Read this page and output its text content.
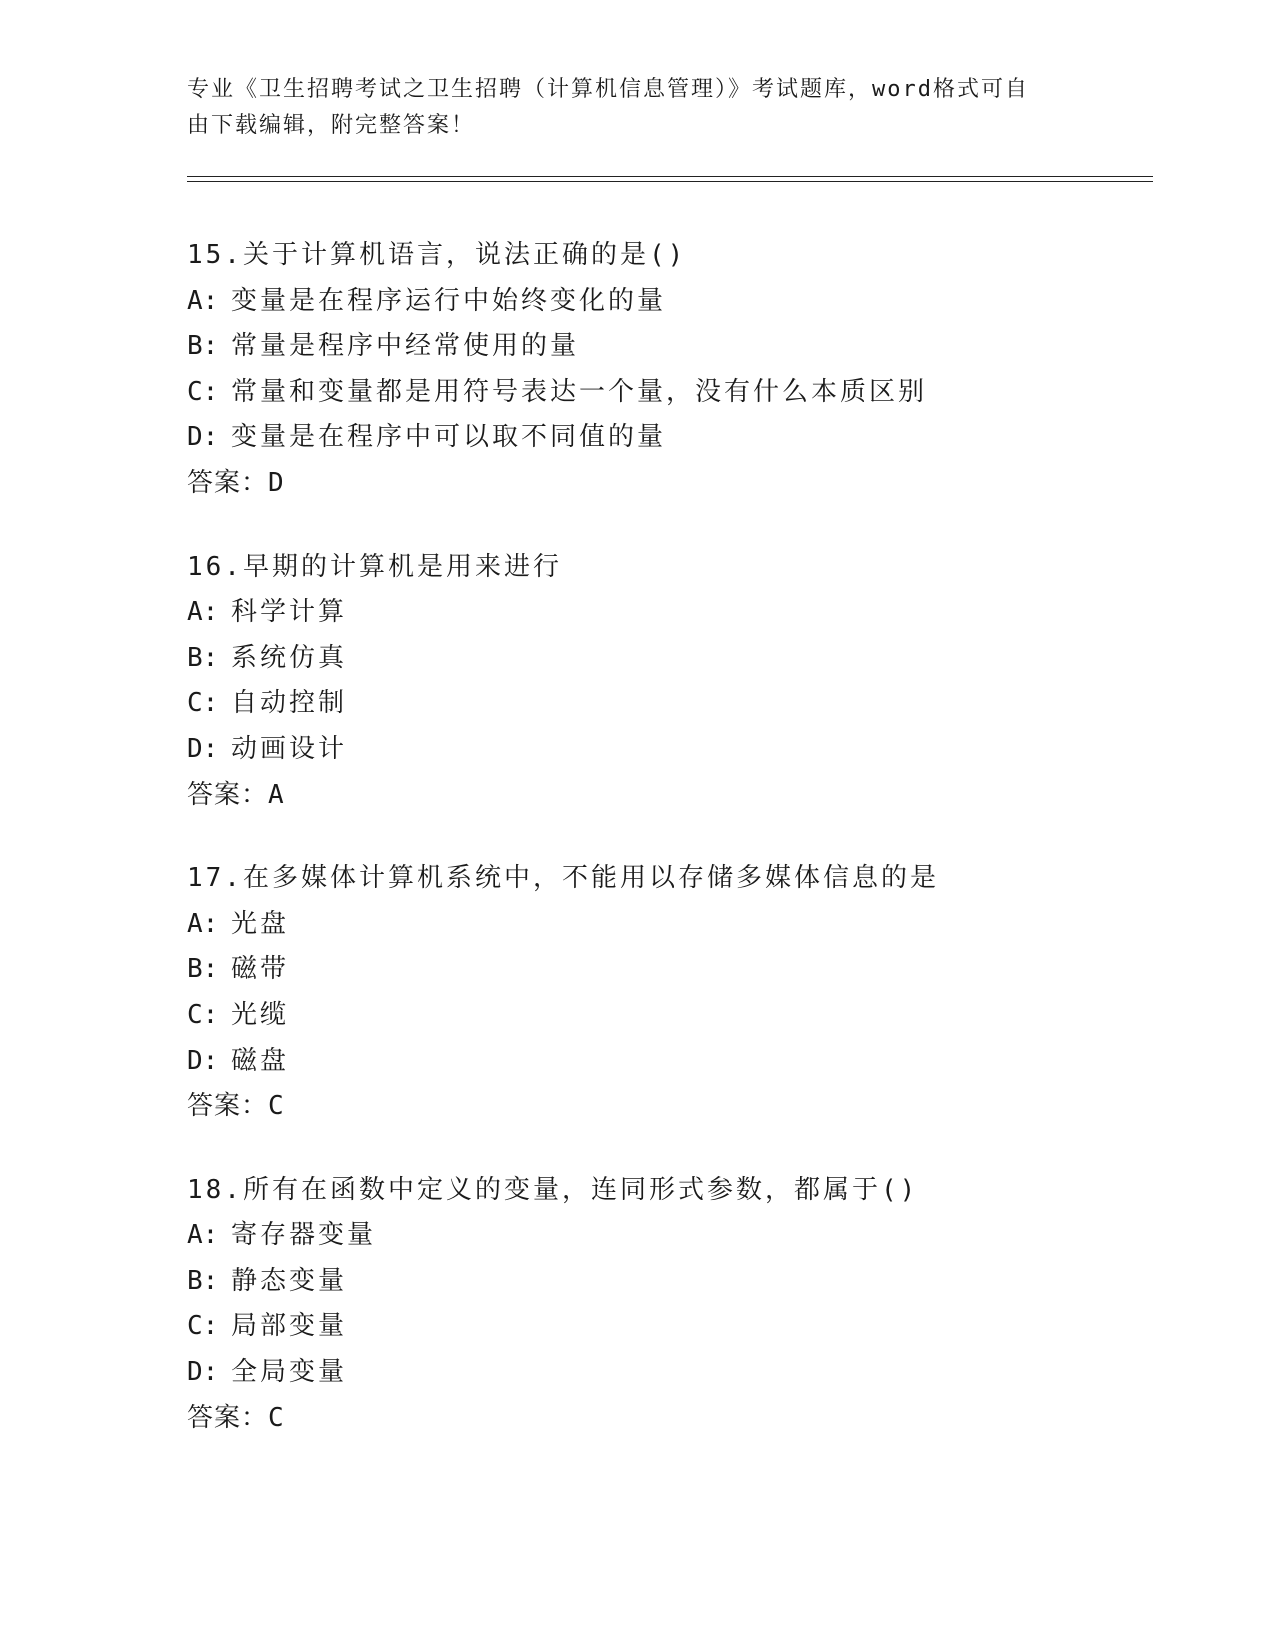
专业《卫生招聘考试之卫生招聘（计算机信息管理）》考试题库，word格式可自
由下载编辑，附完整答案！
15.关于计算机语言，说法正确的是()
A: 变量是在程序运行中始终变化的量
B: 常量是程序中经常使用的量
C: 常量和变量都是用符号表达一个量，没有什么本质区别
D: 变量是在程序中可以取不同值的量
答案：D
16.早期的计算机是用来进行
A: 科学计算
B: 系统仿真
C: 自动控制
D: 动画设计
答案：A
17.在多媒体计算机系统中，不能用以存储多媒体信息的是
A: 光盘
B: 磁带
C: 光缆
D: 磁盘
答案：C
18.所有在函数中定义的变量，连同形式参数，都属于()
A: 寄存器变量
B: 静态变量
C: 局部变量
D: 全局变量
答案：C
